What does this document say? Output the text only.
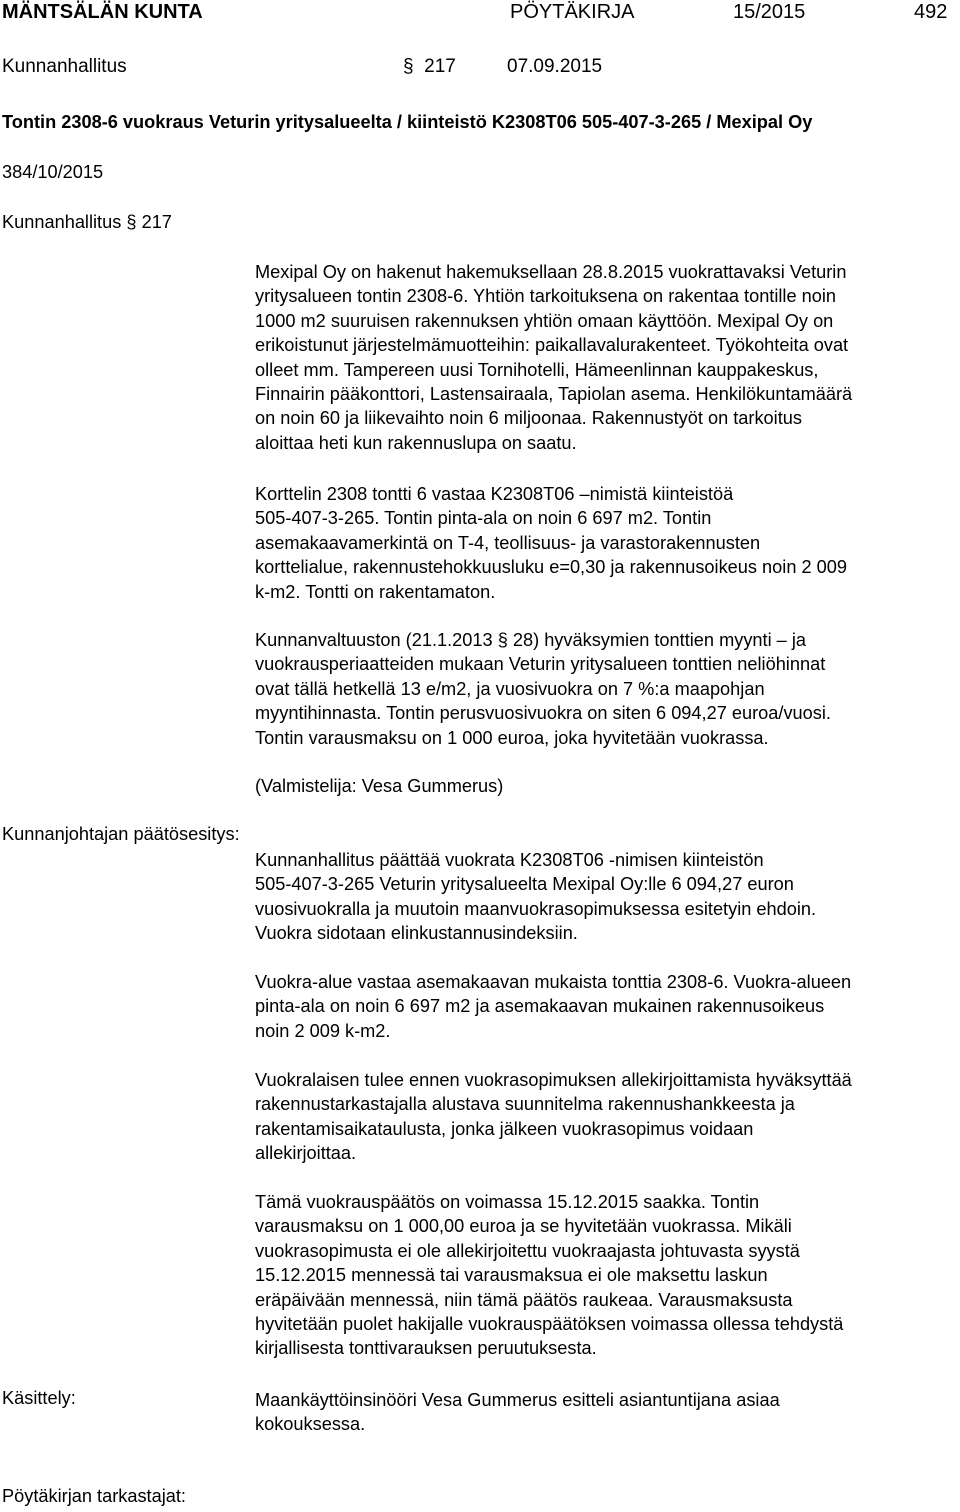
MÄNTSÄLÄN KUNTA	PÖYTÄKIRJA	15/2015	492
Kunnanhallitus	§ 217	07.09.2015
Tontin 2308-6 vuokraus Veturin yritysalueelta / kiinteistö K2308T06 505-407-3-265 / Mexipal Oy
384/10/2015
Kunnanhallitus § 217
Mexipal Oy on hakenut hakemuksellaan 28.8.2015 vuokrattavaksi Veturin
yritysalueen tontin 2308-6. Yhtiön tarkoituksena on rakentaa tontille noin
1000 m2 suuruisen rakennuksen yhtiön omaan käyttöön. Mexipal Oy on
erikoistunut järjestelmämuotteihin: paikallavalurakenteet. Työkohteita ovat
olleet mm. Tampereen uusi Tornihotelli, Hämeenlinnan kauppakeskus,
Finnairin pääkonttori, Lastensairaala, Tapiolan asema. Henkilökuntamäärä
on noin 60 ja liikevaihto noin 6 miljoonaa. Rakennustyöt on tarkoitus
aloittaa heti kun rakennuslupa on saatu.
Korttelin 2308 tontti 6 vastaa K2308T06 –nimistä kiinteistöä
505-407-3-265. Tontin pinta-ala on noin 6 697 m2. Tontin
asemakaavamerkintä on T-4, teollisuus- ja varastorakennusten
korttelialue, rakennustehokkuusluku e=0,30 ja rakennusoikeus noin 2 009
k-m2. Tontti on rakentamaton.
Kunnanvaltuuston (21.1.2013 § 28) hyväksymien tonttien myynti – ja
vuokrausperiaatteiden mukaan Veturin yritysalueen tonttien neliöhinnat
ovat tällä hetkellä 13 e/m2, ja vuosivuokra on 7 %:a maapohjan
myyntihinnasta. Tontin perusvuosivuokra on siten 6 094,27 euroa/vuosi.
Tontin varausmaksu on 1 000 euroa, joka hyvitetään vuokrassa.
(Valmistelija: Vesa Gummerus)
Kunnanjohtajan päätösesitys:
Kunnanhallitus päättää vuokrata K2308T06 -nimisen kiinteistön
505-407-3-265 Veturin yritysalueelta Mexipal Oy:lle 6 094,27 euron
vuosivuokralla ja muutoin maanvuokrasopimuksessa esitetyin ehdoin.
Vuokra sidotaan elinkustannusindeksiin.
Vuokra-alue vastaa asemakaavan mukaista tonttia 2308-6. Vuokra-alueen
pinta-ala on noin 6 697 m2 ja asemakaavan mukainen rakennusoikeus
noin 2 009 k-m2.
Vuokralaisen tulee ennen vuokrasopimuksen allekirjoittamista hyväksyttää
rakennustarkastajalla alustava suunnitelma rakennushankkeesta ja
rakentamisaikataulusta, jonka jälkeen vuokrasopimus voidaan
allekirjoittaa.
Tämä vuokrauspäätös on voimassa 15.12.2015 saakka. Tontin
varausmaksu on 1 000,00 euroa ja se hyvitetään vuokrassa. Mikäli
vuokrasopimusta ei ole allekirjoitettu vuokraajasta johtuvasta syystä
15.12.2015 mennessä tai varausmaksua ei ole maksettu laskun
eräpäivään mennessä, niin tämä päätös raukeaa. Varausmaksusta
hyvitetään puolet hakijalle vuokrauspäätöksen voimassa ollessa tehdystä
kirjallisesta tonttivarauksen peruutuksesta.
Käsittely:	Maankäyttöinsinööri Vesa Gummerus esitteli asiantuntijana asiaa
kokouksessa.
Pöytäkirjan tarkastajat:
